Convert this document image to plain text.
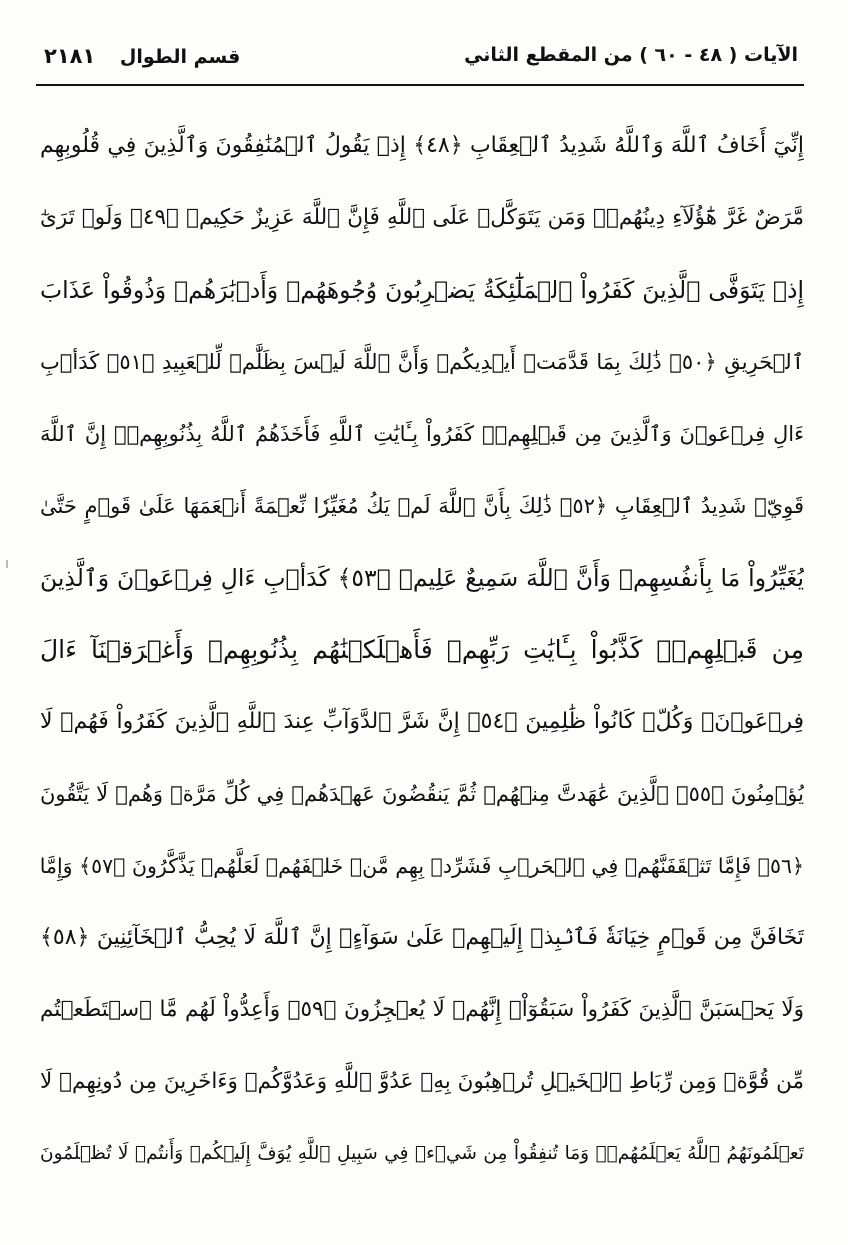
الآيات ( ٤٨ - ٦٠ ) من المقطع الثاني
قسم الطوال ٢١٨١
إِنِّيٓ أَخَافُ ٱللَّهَ وَٱللَّهُ شَدِيدُ ٱلۡعِقَابِ ﴿٤٨﴾ إِذۡ يَقُولُ ٱلۡمُنَٰفِقُونَ وَٱلَّذِينَ فِي قُلُوبِهِم
مَّرَضٌ غَرَّ هَٰٓؤُلَآءِ دِينُهُمۡۗ وَمَن يَتَوَكَّلۡ عَلَى ٱللَّهِ فَإِنَّ ٱللَّهَ عَزِيزٌ حَكِيمٞ ﴿٤٩﴾ وَلَوۡ تَرَىٰٓ
إِذۡ يَتَوَفَّى ٱلَّذِينَ كَفَرُواْ ٱلۡمَلَٰٓئِكَةُ يَضۡرِبُونَ وُجُوهَهُمۡ وَأَدۡبَٰرَهُمۡ وَذُوقُواْ عَذَابَ
ٱلۡحَرِيقِ ﴿٥٠﴾ ذَٰلِكَ بِمَا قَدَّمَتۡ أَيۡدِيكُمۡ وَأَنَّ ٱللَّهَ لَيۡسَ بِظَلَّٰمٖ لِّلۡعَبِيدِ ﴿٥١﴾ كَدَأۡبِ
ءَالِ فِرۡعَوۡنَ وَٱلَّذِينَ مِن قَبۡلِهِمۡۚ كَفَرُواْ بِـَٔايَٰتِ ٱللَّهِ فَأَخَذَهُمُ ٱللَّهُ بِذُنُوبِهِمۡۚ إِنَّ ٱللَّهَ
قَوِيّٞ شَدِيدُ ٱلۡعِقَابِ ﴿٥٢﴾ ذَٰلِكَ بِأَنَّ ٱللَّهَ لَمۡ يَكُ مُغَيِّرٗا نِّعۡمَةً أَنۡعَمَهَا عَلَىٰ قَوۡمٍ حَتَّىٰ
يُغَيِّرُواْ مَا بِأَنفُسِهِمۡ وَأَنَّ ٱللَّهَ سَمِيعٌ عَلِيمٞ ﴿٥٣﴾ كَدَأۡبِ ءَالِ فِرۡعَوۡنَ وَٱلَّذِينَ
مِن قَبۡلِهِمۡۚ كَذَّبُواْ بِـَٔايَٰتِ رَبِّهِمۡ فَأَهۡلَكۡنَٰهُم بِذُنُوبِهِمۡ وَأَغۡرَقۡنَآ ءَالَ
فِرۡعَوۡنَۚ وَكُلّٞ كَانُواْ ظَٰلِمِينَ ﴿٥٤﴾ إِنَّ شَرَّ ٱلدَّوَآبِّ عِندَ ٱللَّهِ ٱلَّذِينَ كَفَرُواْ فَهُمۡ لَا
يُؤۡمِنُونَ ﴿٥٥﴾ ٱلَّذِينَ عَٰهَدتَّ مِنۡهُمۡ ثُمَّ يَنقُضُونَ عَهۡدَهُمۡ فِي كُلِّ مَرَّةٖ وَهُمۡ لَا يَتَّقُونَ
﴿٥٦﴾ فَإِمَّا تَثۡقَفَنَّهُمۡ فِي ٱلۡحَرۡبِ فَشَرِّدۡ بِهِم مَّنۡ خَلۡفَهُمۡ لَعَلَّهُمۡ يَذَّكَّرُونَ ﴿٥٧﴾ وَإِمَّا
تَخَافَنَّ مِن قَوۡمٍ خِيَانَةٗ فَٱنۢبِذۡ إِلَيۡهِمۡ عَلَىٰ سَوَآءٍۚ إِنَّ ٱللَّهَ لَا يُحِبُّ ٱلۡخَآئِنِينَ ﴿٥٨﴾
وَلَا يَحۡسَبَنَّ ٱلَّذِينَ كَفَرُواْ سَبَقُوٓاْۚ إِنَّهُمۡ لَا يُعۡجِزُونَ ﴿٥٩﴾ وَأَعِدُّواْ لَهُم مَّا ٱسۡتَطَعۡتُم
مِّن قُوَّةٖ وَمِن رِّبَاطِ ٱلۡخَيۡلِ تُرۡهِبُونَ بِهِۦ عَدُوَّ ٱللَّهِ وَعَدُوَّكُمۡ وَءَاخَرِينَ مِن دُونِهِمۡ لَا
تَعۡلَمُونَهُمُ ٱللَّهُ يَعۡلَمُهُمۡۚ وَمَا تُنفِقُواْ مِن شَيۡءٖ فِي سَبِيلِ ٱللَّهِ يُوَفَّ إِلَيۡكُمۡ وَأَنتُمۡ لَا تُظۡلَمُونَ
